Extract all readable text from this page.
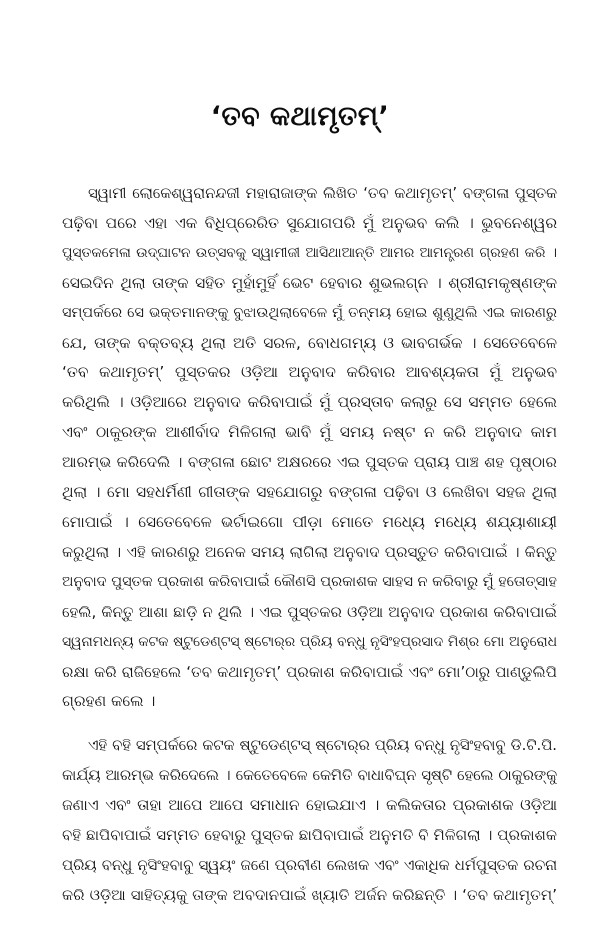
‘ତବ କଥାମୃତମ୍’
ସ୍ୱାମୀ ଲୋକେଶ୍ୱରାନନ୍ଦଜୀ ମହାରାଜାଙ୍କ ଲିଖିତ ‘ତବ କଥାମୃତମ୍’ ବଙ୍ଗଳା ପୁସ୍ତକ
ପଢ଼ିବା ପରେ ଏହା ଏକ ବିଧିପ୍ରେରିତ ସୁଯୋଗପରି ମୁଁ ଅନୁଭବ କଲି । ଭୁବନେଶ୍ୱର
ପୁସ୍ତକମେଳା ଉଦ୍‌ଘାଟନ ଉତ୍ସବକୁ ସ୍ୱାମୀଜୀ ଆସିଥାଆନ୍ତି ଆମର ଆମନ୍ତ୍ରଣ ଗ୍ରହଣ କରି ।
ସେଇଦିନ ଥିଲା ତାଙ୍କ ସହିତ ମୁହାଁମୁହିଁ ଭେଟ ହେବାର ଶୁଭଲଗ୍ନ । ଶ୍ରୀରାମକୃଷ୍ଣଙ୍କ
ସମ୍ପର୍କରେ ସେ ଭକ୍ତମାନଙ୍କୁ ବୁଝାଉଥିଲାବେଳେ ମୁଁ ତନ୍ମୟ ହୋଇ ଶୁଣୁଥିଲି ଏଇ କାରଣରୁ
ଯେ, ତାଙ୍କ ବକ୍ତବ୍ୟ ଥିଲା ଅତି ସରଳ, ବୋଧଗମ୍ୟ ଓ ଭାବଗର୍ଭକ । ସେତେବେଳେ
‘ତବ କଥାମୃତମ୍’ ପୁସ୍ତକର ଓଡ଼ିଆ ଅନୁବାଦ କରିବାର ଆବଶ୍ୟକତା ମୁଁ ଅନୁଭବ
କରିଥିଲି । ଓଡ଼ିଆରେ ଅନୁବାଦ କରିବାପାଇଁ ମୁଁ ପ୍ରସ୍ତାବ କଲାରୁ ସେ ସମ୍ମତ ହେଲେ
ଏବଂ ଠାକୁରଙ୍କ ଆଶୀର୍ବାଦ ମିଳିଗଲା ଭାବି ମୁଁ ସମୟ ନଷ୍ଟ ନ କରି ଅନୁବାଦ କାମ
ଆରମ୍ଭ କରିଦେଲି । ବଙ୍ଗଳା ଛୋଟ ଅକ୍ଷରରେ ଏଇ ପୁସ୍ତକ ପ୍ରାୟ ପାଞ୍ଚ ଶହ ପୃଷ୍ଠାର
ଥିଲା । ମୋ ସହଧର୍ମିଣୀ ଗୀତାଙ୍କ ସହଯୋଗରୁ ବଙ୍ଗଳା ପଢ଼ିବା ଓ ଲେଖିବା ସହଜ ଥିଲା
ମୋପାଇଁ । ସେତେବେଳେ ଭର୍ଟାଇଗୋ ପୀଡ଼ା ମୋତେ ମଧ୍ୟେ ମଧ୍ୟେ ଶଯ୍ୟାଶାୟୀ
କରୁଥିଲା । ଏହି କାରଣରୁ ଅନେକ ସମୟ ଲାଗିଲା ଅନୁବାଦ ପ୍ରସ୍ତୁତ କରିବାପାଇଁ । କିନ୍ତୁ
ଅନୁବାଦ ପୁସ୍ତକ ପ୍ରକାଶ କରିବାପାଇଁ କୌଣସି ପ୍ରକାଶକ ସାହସ ନ କରିବାରୁ ମୁଁ ହତୋତ୍ସାହ
ହେଲି, କିନ୍ତୁ ଆଶା ଛାଡ଼ି ନ ଥିଲି । ଏଇ ପୁସ୍ତକର ଓଡ଼ିଆ ଅନୁବାଦ ପ୍ରକାଶ କରିବାପାଇଁ
ସ୍ୱନାମଧନ୍ୟ କଟକ ଷ୍ଟୁଡେଣ୍ଟସ୍ ଷ୍ଟୋର୍‌ର ପ୍ରିୟ ବନ୍ଧୁ ନୃସିଂହପ୍ରସାଦ ମିଶ୍ର ମୋ ଅନୁରୋଧ
ରକ୍ଷା କରି ରାଜିହେଲେ ‘ତବ କଥାମୃତମ୍’ ପ୍ରକାଶ କରିବାପାଇଁ ଏବଂ ମୋ’ଠାରୁ ପାଣ୍ଡୁଲିପି
ଗ୍ରହଣ କଲେ ।
ଏହି ବହି ସମ୍ପର୍କରେ କଟକ ଷ୍ଟୁଡେଣ୍ଟସ୍ ଷ୍ଟୋର୍‌ର ପ୍ରିୟ ବନ୍ଧୁ ନୃସିଂହବାବୁ ଡି.ଟି.ପି.
କାର୍ଯ୍ୟ ଆରମ୍ଭ କରିଦେଲେ । କେତେବେଳେ କେମିତି ବାଧାବିଘ୍ନ ସୃଷ୍ଟି ହେଲେ ଠାକୁରଙ୍କୁ
ଜଣାଏ ଏବଂ ତାହା ଆପେ ଆପେ ସମାଧାନ ହୋଇଯାଏ । କଲିକତାର ପ୍ରକାଶକ ଓଡ଼ିଆ
ବହି ଛାପିବାପାଇଁ ସମ୍ମତ ହେବାରୁ ପୁସ୍ତକ ଛାପିବାପାଇଁ ଅନୁମତି ବି ମିଳିଗଲା । ପ୍ରକାଶକ
ପ୍ରିୟ ବନ୍ଧୁ ନୃସିଂହବାବୁ ସ୍ୱୟଂ ଜଣେ ପ୍ରବୀଣ ଲେଖକ ଏବଂ ଏକାଧିକ ଧର୍ମପୁସ୍ତକ ରଚନା
କରି ଓଡ଼ିଆ ସାହିତ୍ୟକୁ ତାଙ୍କ ଅବଦାନପାଇଁ ଖ୍ୟାତି ଅର୍ଜନ କରିଛନ୍ତି । ‘ତବ କଥାମୃତମ୍’
